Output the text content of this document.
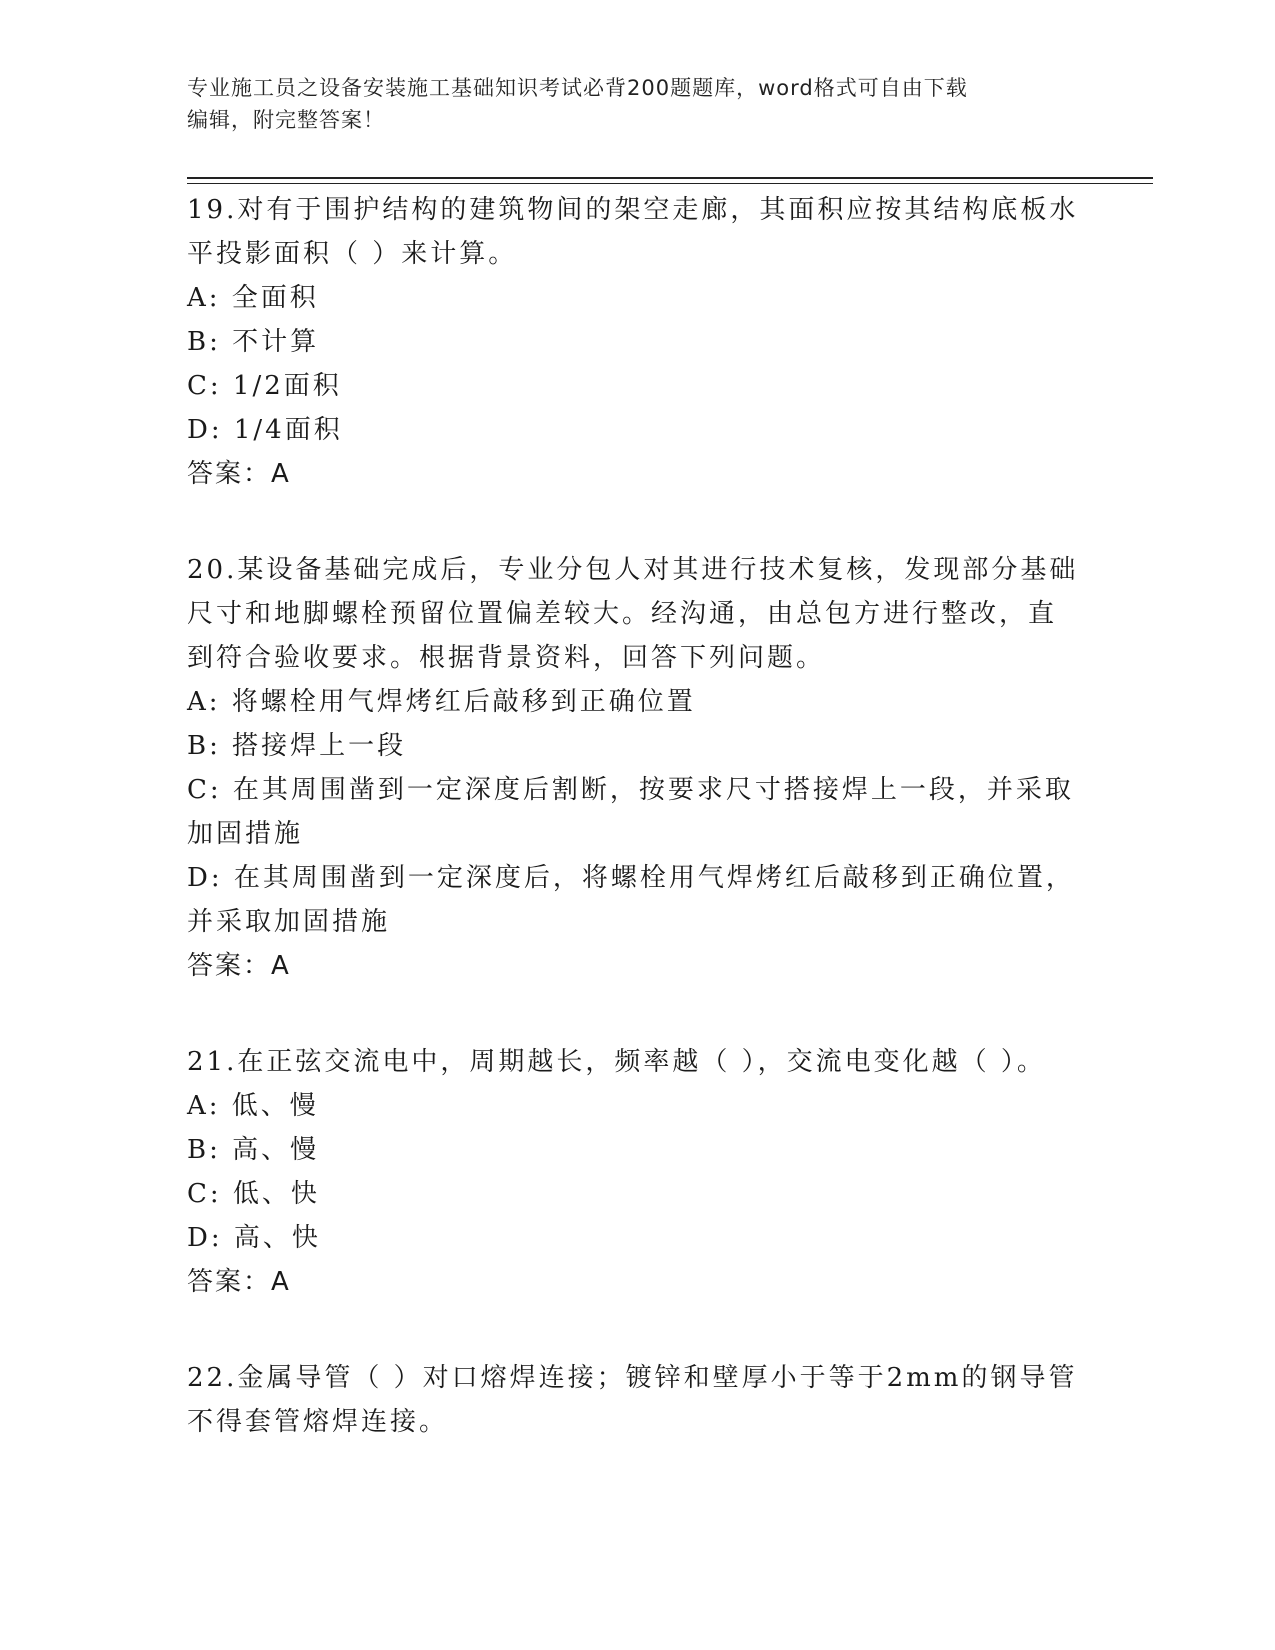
专业施工员之设备安装施工基础知识考试必背200题题库，word格式可自由下载
编辑，附完整答案！
19.对有于围护结构的建筑物间的架空走廊，其面积应按其结构底板水
平投影面积（ ）来计算。
A: 全面积
B: 不计算
C: 1/2面积
D: 1/4面积
答案：A
20.某设备基础完成后，专业分包人对其进行技术复核，发现部分基础
尺寸和地脚螺栓预留位置偏差较大。经沟通，由总包方进行整改，直
到符合验收要求。根据背景资料，回答下列问题。
A: 将螺栓用气焊烤红后敲移到正确位置
B: 搭接焊上一段
C: 在其周围凿到一定深度后割断，按要求尺寸搭接焊上一段，并采取
加固措施
D: 在其周围凿到一定深度后，将螺栓用气焊烤红后敲移到正确位置，
并采取加固措施
答案：A
21.在正弦交流电中，周期越长，频率越（ ），交流电变化越（ ）。
A: 低、慢
B: 高、慢
C: 低、快
D: 高、快
答案：A
22.金属导管（ ）对口熔焊连接；镀锌和壁厚小于等于2mm的钢导管
不得套管熔焊连接。
